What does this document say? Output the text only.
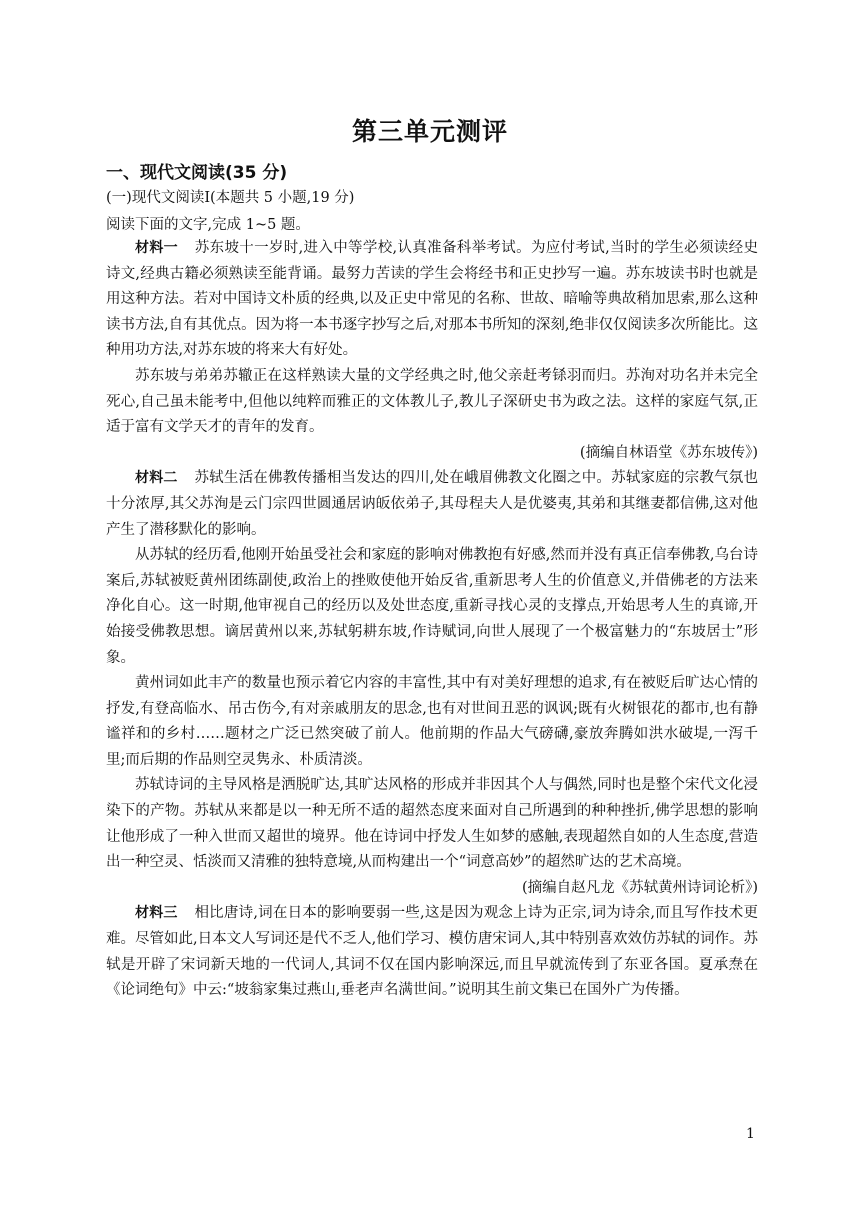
第三单元测评
一、现代文阅读(35 分)
(一)现代文阅读Ⅰ(本题共 5 小题,19 分)
阅读下面的文字,完成 1~5 题。

材料一 苏东坡十一岁时,进入中等学校,认真准备科举考试。为应付考试,当时的学生必须读经史诗文,经典古籍必须熟读至能背诵。最努力苦读的学生会将经书和正史抄写一遍。苏东坡读书时也就是用这种方法。若对中国诗文朴质的经典,以及正史中常见的名称、世故、暗喻等典故稍加思索,那么这种读书方法,自有其优点。因为将一本书逐字抄写之后,对那本书所知的深刻,绝非仅仅阅读多次所能比。这种用功方法,对苏东坡的将来大有好处。

苏东坡与弟弟苏辙正在这样熟读大量的文学经典之时,他父亲赶考铩羽而归。苏洵对功名并未完全死心,自己虽未能考中,但他以纯粹而雅正的文体教儿子,教儿子深研史书为政之法。这样的家庭气氛,正适于富有文学天才的青年的发育。

(摘编自林语堂《苏东坡传》)

材料二 苏轼生活在佛教传播相当发达的四川,处在峨眉佛教文化圈之中。苏轼家庭的宗教气氛也十分浓厚,其父苏洵是云门宗四世圆通居讷皈依弟子,其母程夫人是优婆夷,其弟和其继妻都信佛,这对他产生了潜移默化的影响。

从苏轼的经历看,他刚开始虽受社会和家庭的影响对佛教抱有好感,然而并没有真正信奉佛教,乌台诗案后,苏轼被贬黄州团练副使,政治上的挫败使他开始反省,重新思考人生的价值意义,并借佛老的方法来净化自心。这一时期,他审视自己的经历以及处世态度,重新寻找心灵的支撑点,开始思考人生的真谛,开始接受佛教思想。谪居黄州以来,苏轼躬耕东坡,作诗赋词,向世人展现了一个极富魅力的“东坡居士”形象。

黄州词如此丰产的数量也预示着它内容的丰富性,其中有对美好理想的追求,有在被贬后旷达心情的抒发,有登高临水、吊古伤今,有对亲戚朋友的思念,也有对世间丑恶的讽讽;既有火树银花的都市,也有静谧祥和的乡村……题材之广泛已然突破了前人。他前期的作品大气磅礴,豪放奔腾如洪水破堤,一泻千里;而后期的作品则空灵隽永、朴质清淡。

苏轼诗词的主导风格是洒脱旷达,其旷达风格的形成并非因其个人与偶然,同时也是整个宋代文化浸染下的产物。苏轼从来都是以一种无所不适的超然态度来面对自己所遇到的种种挫折,佛学思想的影响让他形成了一种入世而又超世的境界。他在诗词中抒发人生如梦的感触,表现超然自如的人生态度,营造出一种空灵、恬淡而又清雅的独特意境,从而构建出一个“词意高妙”的超然旷达的艺术高境。

(摘编自赵凡龙《苏轼黄州诗词论析》)

材料三 相比唐诗,词在日本的影响要弱一些,这是因为观念上诗为正宗,词为诗余,而且写作技术更难。尽管如此,日本文人写词还是代不乏人,他们学习、模仿唐宋词人,其中特别喜欢效仿苏轼的词作。苏轼是开辟了宋词新天地的一代词人,其词不仅在国内影响深远,而且早就流传到了东亚各国。夏承焘在《论词绝句》中云:“坡翁家集过燕山,垂老声名满世间。”说明其生前文集已在国外广为传播。

1
